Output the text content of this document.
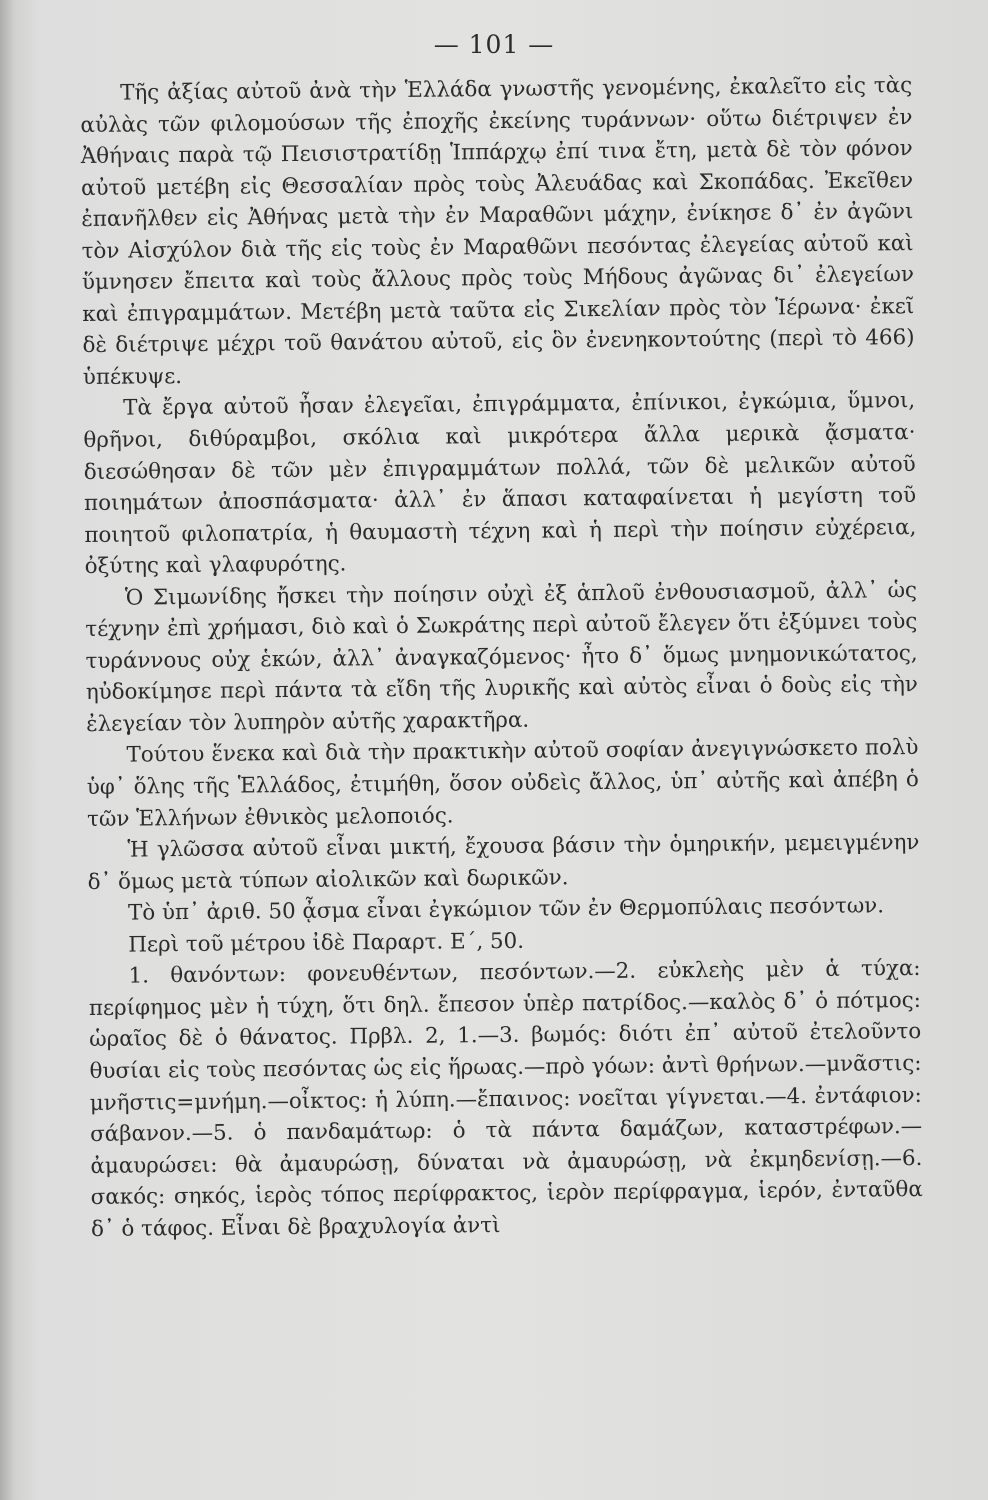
— 101 —

Τῆς ἀξίας αὐτοῦ ἀνὰ τὴν Ἑλλάδα γνωστῆς γενομένης, ἐκαλεῖτο εἰς τὰς αὐλὰς τῶν φιλομούσων τῆς ἐποχῆς ἐκείνης τυράννων· οὕτω διέτριψεν ἐν Ἀθήναις παρὰ τῷ Πεισιστρατίδῃ Ἱππάρχῳ ἐπί τινα ἔτη, μετὰ δὲ τὸν φόνον αὐτοῦ μετέβη εἰς Θεσσαλίαν πρὸς τοὺς Ἀλευάδας καὶ Σκοπάδας. Ἐκεῖθεν ἐπανῆλθεν εἰς Ἀθήνας μετὰ τὴν ἐν Μαραθῶνι μάχην, ἐνίκησε δ᾽ ἐν ἀγῶνι τὸν Αἰσχύλον διὰ τῆς εἰς τοὺς ἐν Μαραθῶνι πεσόντας ἐλεγείας αὐτοῦ καὶ ὕμνησεν ἔπειτα καὶ τοὺς ἄλλους πρὸς τοὺς Μήδους ἀγῶνας δι᾽ ἐλεγείων καὶ ἐπιγραμμάτων. Μετέβη μετὰ ταῦτα εἰς Σικελίαν πρὸς τὸν Ἱέρωνα· ἐκεῖ δὲ διέτριψε μέχρι τοῦ θανάτου αὐτοῦ, εἰς ὃν ἐνενηκοντούτης (περὶ τὸ 466) ὑπέκυψε.

Τὰ ἔργα αὐτοῦ ἦσαν ἐλεγεῖαι, ἐπιγράμματα, ἐπίνικοι, ἐγκώμια, ὕμνοι, θρῆνοι, διθύραμβοι, σκόλια καὶ μικρότερα ἄλλα μερικὰ ᾄσματα· διεσώθησαν δὲ τῶν μὲν ἐπιγραμμάτων πολλά, τῶν δὲ μελικῶν αὐτοῦ ποιημάτων ἀποσπάσματα· ἀλλ᾽ ἐν ἅπασι καταφαίνεται ἡ μεγίστη τοῦ ποιητοῦ φιλοπατρία, ἡ θαυμαστὴ τέχνη καὶ ἡ περὶ τὴν ποίησιν εὐχέρεια, ὀξύτης καὶ γλαφυρότης.

Ὁ Σιμωνίδης ἤσκει τὴν ποίησιν οὐχὶ ἐξ ἁπλοῦ ἐνθουσιασμοῦ, ἀλλ᾽ ὡς τέχνην ἐπὶ χρήμασι, διὸ καὶ ὁ Σωκράτης περὶ αὐτοῦ ἔλεγεν ὅτι ἐξύμνει τοὺς τυράννους οὐχ ἑκών, ἀλλ᾽ ἀναγκαζόμενος· ἦτο δ᾽ ὅμως μνημονικώτατος, ηὐδοκίμησε περὶ πάντα τὰ εἴδη τῆς λυρικῆς καὶ αὐτὸς εἶναι ὁ δοὺς εἰς τὴν ἐλεγείαν τὸν λυπηρὸν αὐτῆς χαρακτῆρα.

Τούτου ἕνεκα καὶ διὰ τὴν πρακτικὴν αὐτοῦ σοφίαν ἀνεγιγνώσκετο πολὺ ὑφ᾽ ὅλης τῆς Ἑλλάδος, ἐτιμήθη, ὅσον οὐδεὶς ἄλλος, ὑπ᾽ αὐτῆς καὶ ἀπέβη ὁ τῶν Ἑλλήνων ἐθνικὸς μελοποιός.

Ἡ γλῶσσα αὐτοῦ εἶναι μικτή, ἔχουσα βάσιν τὴν ὁμηρικήν, μεμειγμένην δ᾽ ὅμως μετὰ τύπων αἰολικῶν καὶ δωρικῶν.

Τὸ ὑπ᾽ ἀριθ. 50 ᾆσμα εἶναι ἐγκώμιον τῶν ἐν Θερμοπύλαις πεσόντων.

Περὶ τοῦ μέτρου ἰδὲ Παραρτ. Ε΄, 50.

1. θανόντων: φονευθέντων, πεσόντων.—2. εὐκλεὴς μὲν ἁ τύχα: περίφημος μὲν ἡ τύχη, ὅτι δηλ. ἔπεσον ὑπὲρ πατρίδος.—καλὸς δ᾽ ὁ πότμος: ὡραῖος δὲ ὁ θάνατος. Πρβλ. 2, 1.—3. βωμός: διότι ἐπ᾽ αὐτοῦ ἐτελοῦντο θυσίαι εἰς τοὺς πεσόντας ὡς εἰς ἥρωας.—πρὸ γόων: ἀντὶ θρήνων.—μνᾶστις: μνῆστις=μνήμη.—οἶκτος: ἡ λύπη.—ἔπαινος: νοεῖται γίγνεται.—4. ἐντάφιον: σάβανον.—5. ὁ πανδαμάτωρ: ὁ τὰ πάντα δαμάζων, καταστρέφων.—ἀμαυρώσει: θὰ ἀμαυρώσῃ, δύναται νὰ ἀμαυρώσῃ, νὰ ἐκμηδενίσῃ.—6. σακός: σηκός, ἱερὸς τόπος περίφρακτος, ἱερὸν περίφραγμα, ἱερόν, ἐνταῦθα δ᾽ ὁ τάφος. Εἶναι δὲ βραχυλογία ἀντὶ
